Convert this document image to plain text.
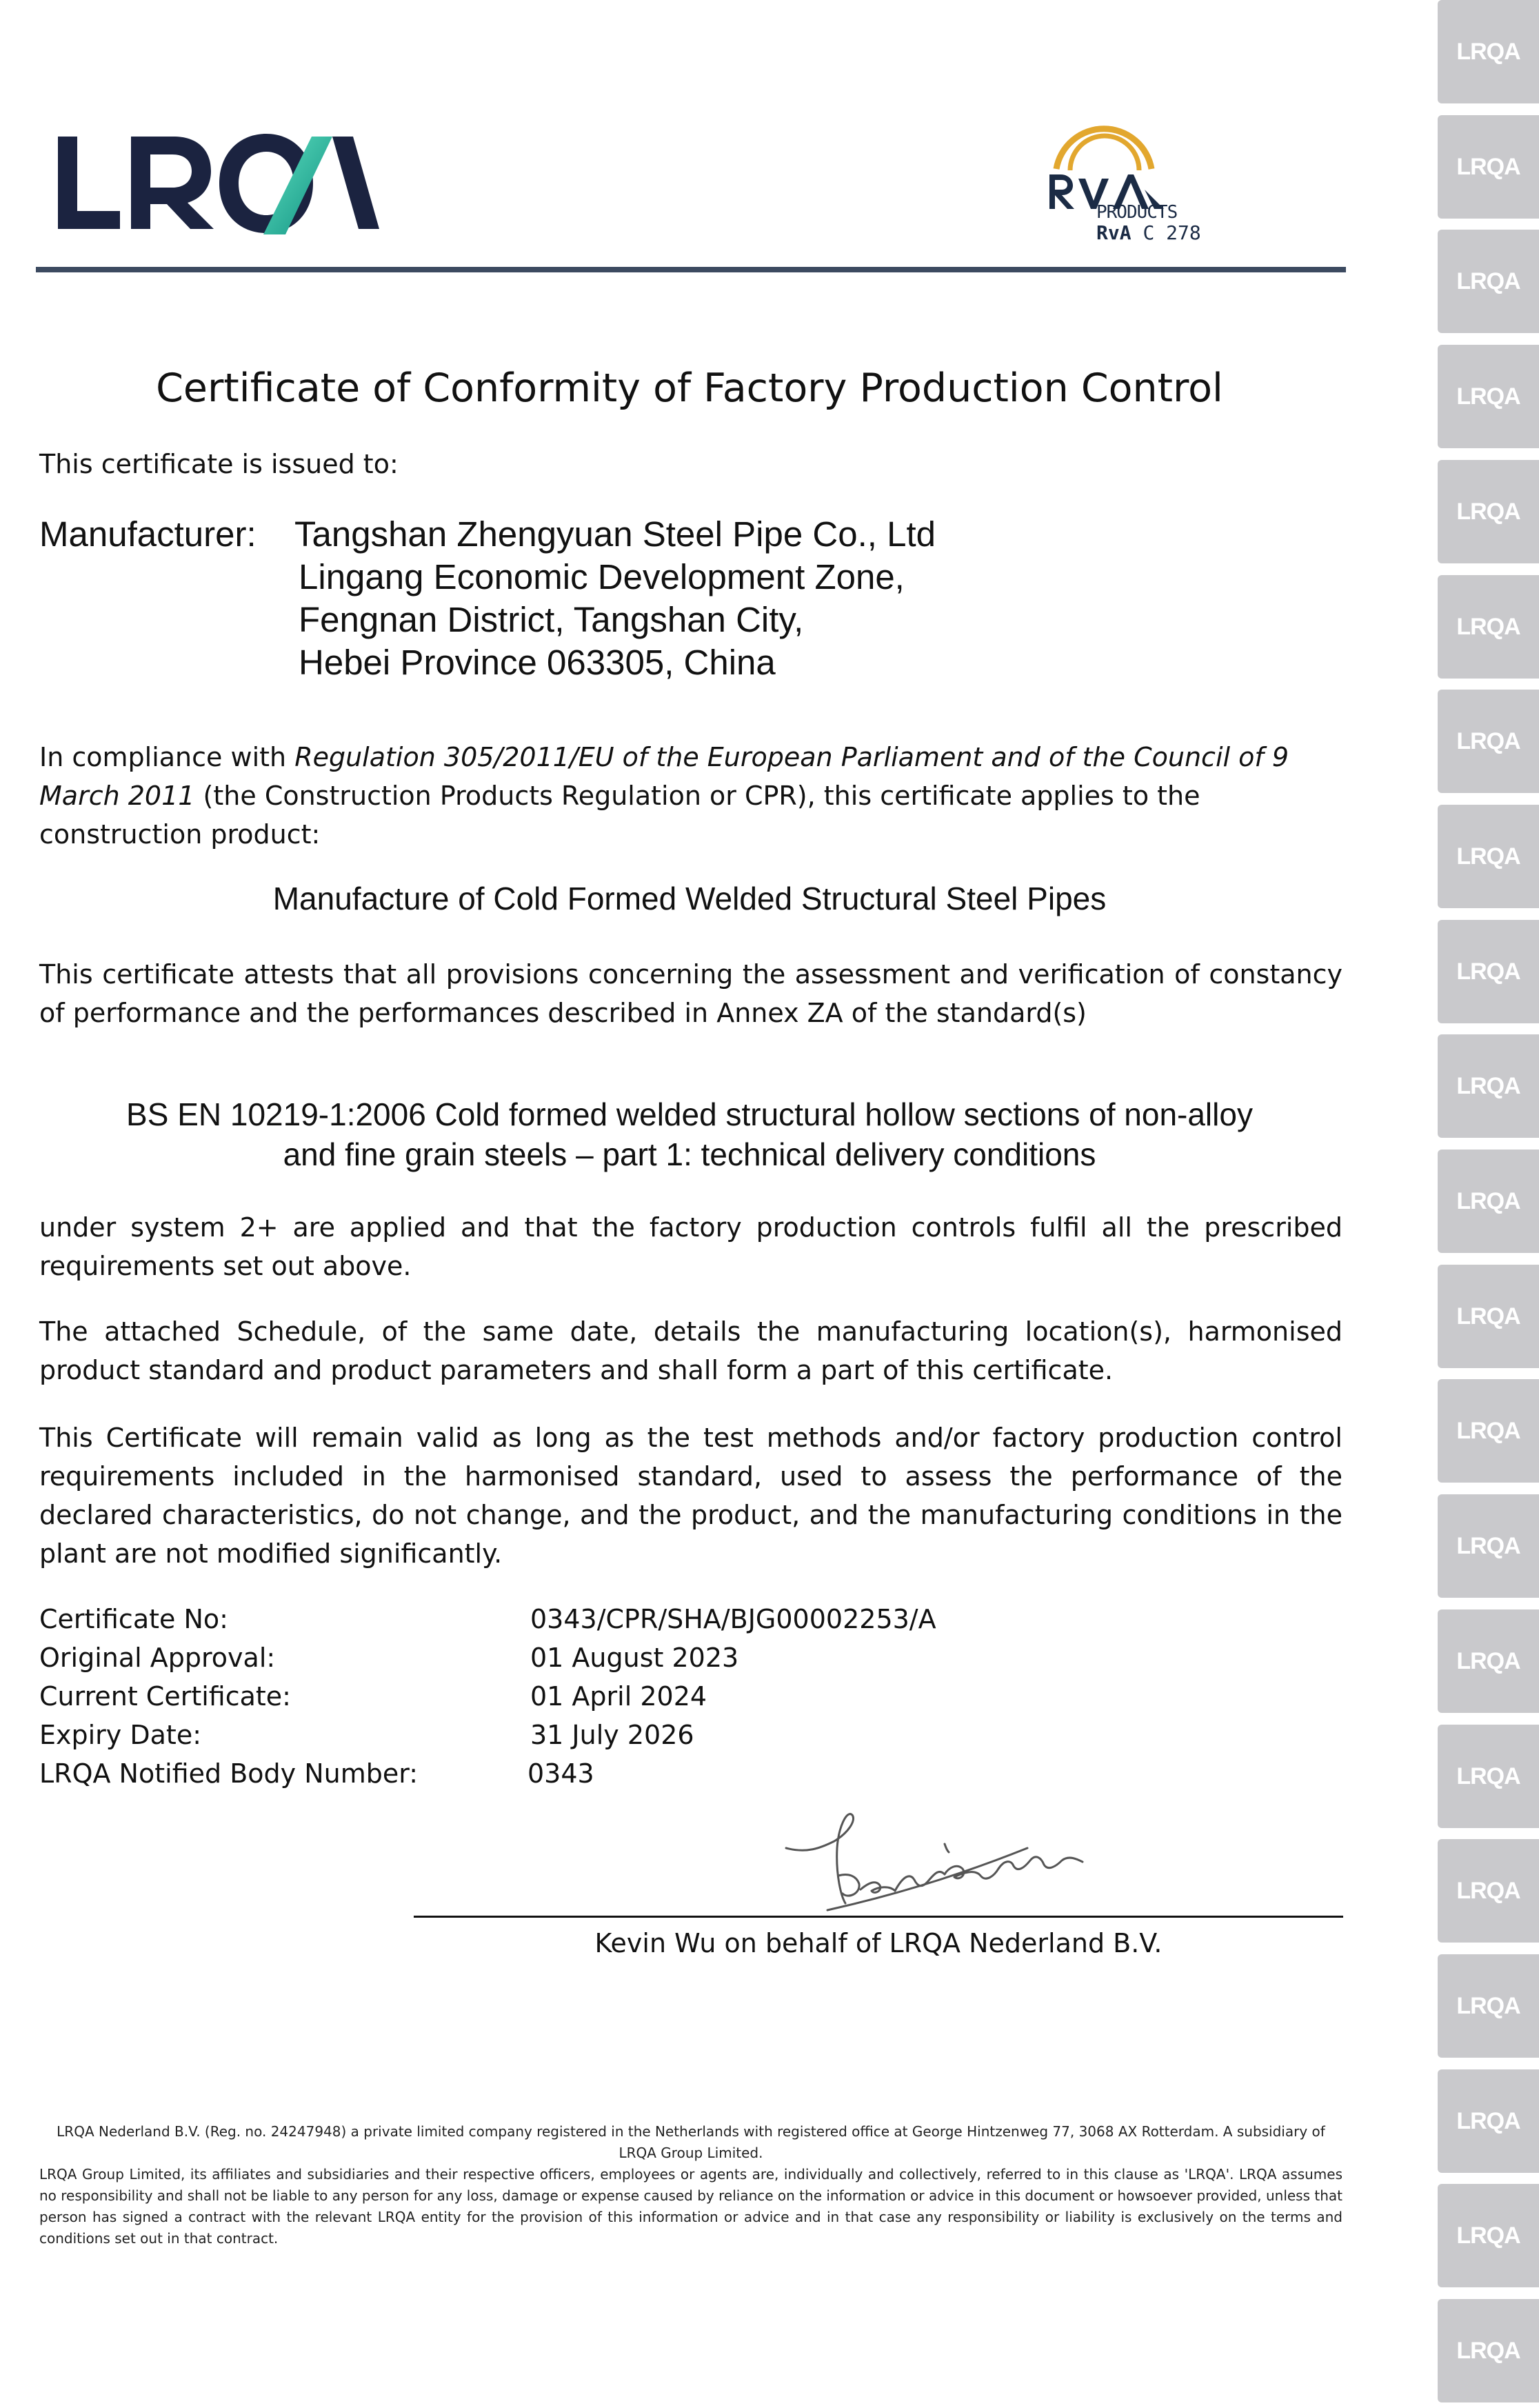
LRQA
LRQA
LRQA
LRQA
LRQA
LRQA
LRQA
LRQA
LRQA
LRQA
LRQA
LRQA
LRQA
LRQA
LRQA
LRQA
LRQA
LRQA
LRQA
LRQA
LRQA
PRODUCTS
RvA C 278
Certificate of Conformity of Factory Production Control
This certificate is issued to:
Manufacturer: Tangshan Zhengyuan Steel Pipe Co., Ltd
Lingang Economic Development Zone,
Fengnan District, Tangshan City,
Hebei Province 063305, China
In compliance with Regulation 305/2011/EU of the European Parliament and of the Council of 9 March 2011 (the Construction Products Regulation or CPR), this certificate applies to the construction product:
Manufacture of Cold Formed Welded Structural Steel Pipes
This certificate attests that all provisions concerning the assessment and verification of constancy of performance and the performances described in Annex ZA of the standard(s)
BS EN 10219-1:2006 Cold formed welded structural hollow sections of non-alloy
and fine grain steels – part 1: technical delivery conditions
under system 2+ are applied and that the factory production controls fulfil all the prescribed requirements set out above.
The attached Schedule, of the same date, details the manufacturing location(s), harmonised product standard and product parameters and shall form a part of this certificate.
This Certificate will remain valid as long as the test methods and/or factory production control requirements included in the harmonised standard, used to assess the performance of the declared characteristics, do not change, and the product, and the manufacturing conditions in the plant are not modified significantly.
Certificate No:	0343/CPR/SHA/BJG00002253/A
Original Approval:	01 August 2023
Current Certificate:	01 April 2024
Expiry Date:	31 July 2026
LRQA Notified Body Number:	0343
Kevin Wu on behalf of LRQA Nederland B.V.
LRQA Nederland B.V. (Reg. no. 24247948) a private limited company registered in the Netherlands with registered office at George Hintzenweg 77, 3068 AX Rotterdam. A subsidiary of LRQA Group Limited.
LRQA Group Limited, its affiliates and subsidiaries and their respective officers, employees or agents are, individually and collectively, referred to in this clause as 'LRQA'. LRQA assumes no responsibility and shall not be liable to any person for any loss, damage or expense caused by reliance on the information or advice in this document or howsoever provided, unless that person has signed a contract with the relevant LRQA entity for the provision of this information or advice and in that case any responsibility or liability is exclusively on the terms and conditions set out in that contract.
